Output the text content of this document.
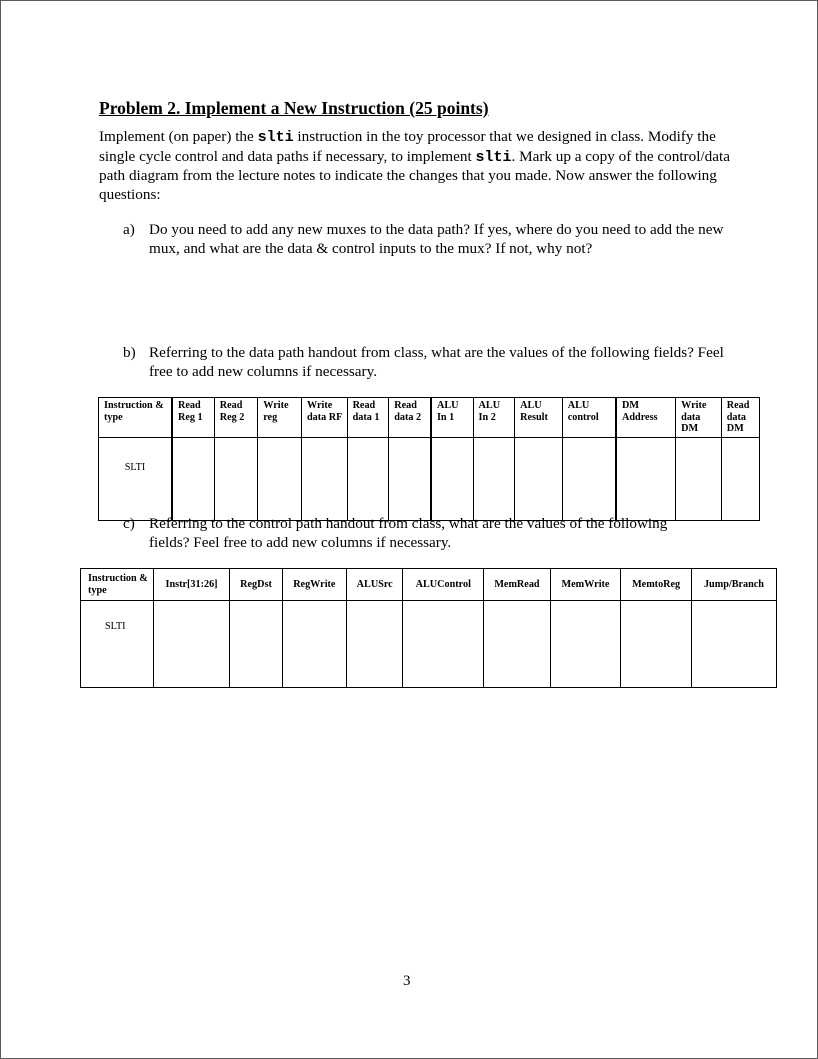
Problem 2. Implement a New Instruction (25 points)
Implement (on paper) the slti instruction in the toy processor that we designed in class. Modify the single cycle control and data paths if necessary, to implement slti. Mark up a copy of the control/data path diagram from the lecture notes to indicate the changes that you made. Now answer the following questions:
a) Do you need to add any new muxes to the data path? If yes, where do you need to add the new mux, and what are the data & control inputs to the mux? If not, why not?
b) Referring to the data path handout from class, what are the values of the following fields? Feel free to add new columns if necessary.
Instruction & type	Read Reg 1	Read Reg 2	Write reg	Write data RF	Read data 1	Read data 2	ALU In 1	ALU In 2	ALU Result	ALU control	DM Address	Write data DM	Read data DM
SLTI													
c) Referring to the control path handout from class, what are the values of the following fields? Feel free to add new columns if necessary.
Instruction & type	Instr[31:26]	RegDst	RegWrite	ALUSrc	ALUControl	MemRead	MemWrite	MemtoReg	Jump/Branch
SLTI									
3
